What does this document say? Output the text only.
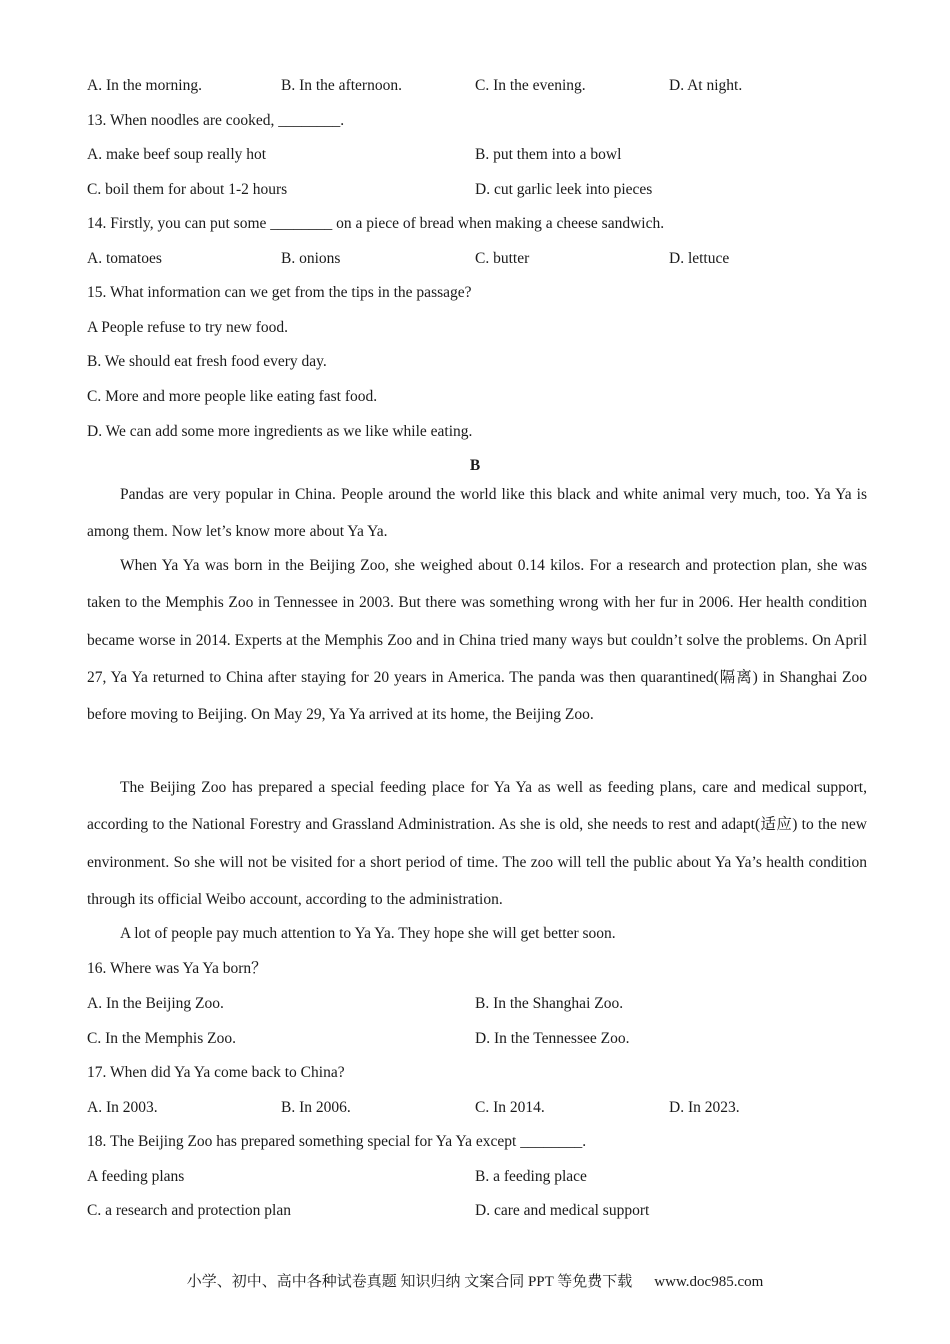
A. In the morning.	B. In the afternoon.	C. In the evening.	D. At night.
13. When noodles are cooked, ________.
A. make beef soup really hot	B. put them into a bowl
C. boil them for about 1-2 hours	D. cut garlic leek into pieces
14. Firstly, you can put some ________ on a piece of bread when making a cheese sandwich.
A. tomatoes	B. onions	C. butter	D. lettuce
15. What information can we get from the tips in the passage?
A People refuse to try new food.
B. We should eat fresh food every day.
C. More and more people like eating fast food.
D. We can add some more ingredients as we like while eating.
B
Pandas are very popular in China. People around the world like this black and white animal very much, too. Ya Ya is among them. Now let’s know more about Ya Ya.
When Ya Ya was born in the Beijing Zoo, she weighed about 0.14 kilos. For a research and protection plan, she was taken to the Memphis Zoo in Tennessee in 2003. But there was something wrong with her fur in 2006. Her health condition became worse in 2014. Experts at the Memphis Zoo and in China tried many ways but couldn’t solve the problems. On April 27, Ya Ya returned to China after staying for 20 years in America. The panda was then quarantined(隔离) in Shanghai Zoo before moving to Beijing. On May 29, Ya Ya arrived at its home, the Beijing Zoo.
The Beijing Zoo has prepared a special feeding place for Ya Ya as well as feeding plans, care and medical support, according to the National Forestry and Grassland Administration. As she is old, she needs to rest and adapt(适应) to the new environment. So she will not be visited for a short period of time. The zoo will tell the public about Ya Ya’s health condition through its official Weibo account, according to the administration.
A lot of people pay much attention to Ya Ya. They hope she will get better soon.
16. Where was Ya Ya born？
A. In the Beijing Zoo.	B. In the Shanghai Zoo.
C. In the Memphis Zoo.	D. In the Tennessee Zoo.
17. When did Ya Ya come back to China?
A. In 2003.	B. In 2006.	C. In 2014.	D. In 2023.
18. The Beijing Zoo has prepared something special for Ya Ya except ________.
A feeding plans	B. a feeding place
C. a research and protection plan	D. care and medical support
小学、初中、高中各种试卷真题 知识归纳 文案合同 PPT 等免费下载 www.doc985.com
